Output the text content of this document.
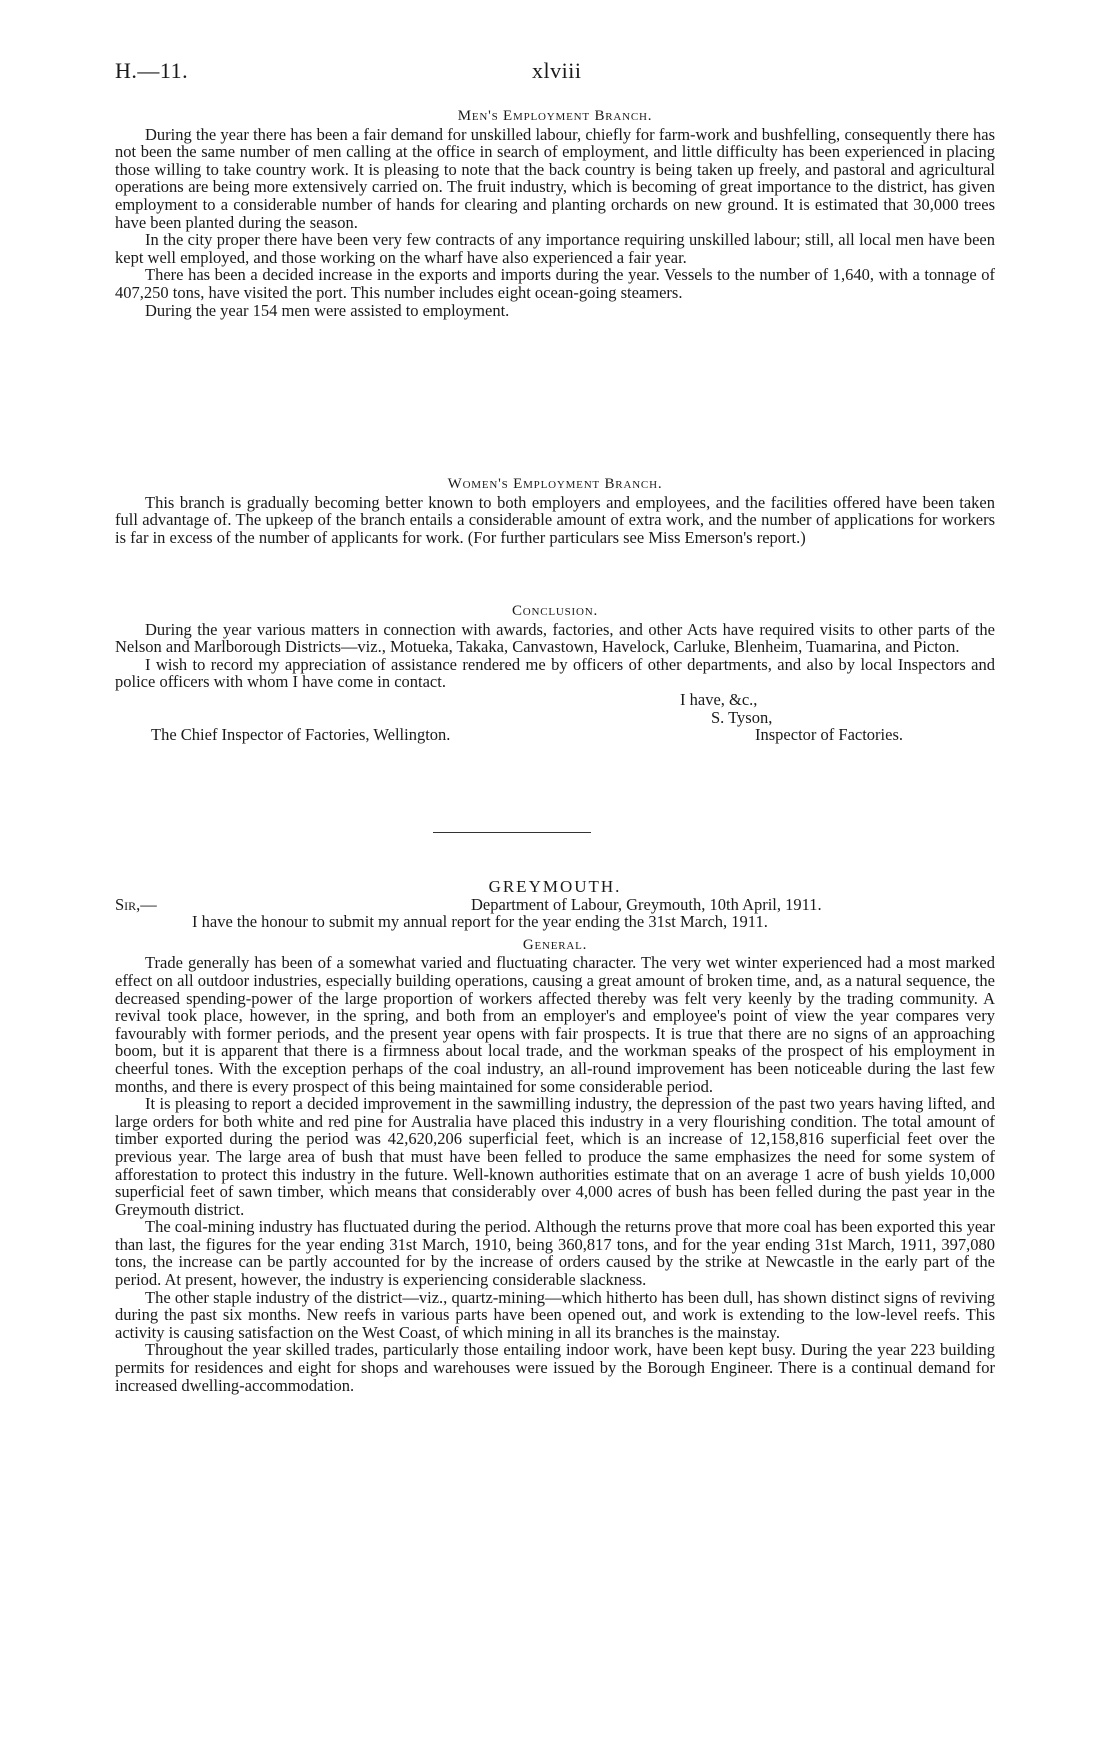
H.—11.	xlviii
Men's Employment Branch.

During the year there has been a fair demand for unskilled labour, chiefly for farm-work and bushfelling, consequently there has not been the same number of men calling at the office in search of employment, and little difficulty has been experienced in placing those willing to take country work. It is pleasing to note that the back country is being taken up freely, and pastoral and agricultural operations are being more extensively carried on. The fruit industry, which is becoming of great importance to the district, has given employment to a considerable number of hands for clearing and planting orchards on new ground. It is estimated that 30,000 trees have been planted during the season.

In the city proper there have been very few contracts of any importance requiring unskilled labour; still, all local men have been kept well employed, and those working on the wharf have also experienced a fair year.

There has been a decided increase in the exports and imports during the year. Vessels to the number of 1,640, with a tonnage of 407,250 tons, have visited the port. This number includes eight ocean-going steamers.

During the year 154 men were assisted to employment.

Women's Employment Branch.

This branch is gradually becoming better known to both employers and employees, and the facilities offered have been taken full advantage of. The upkeep of the branch entails a considerable amount of extra work, and the number of applications for workers is far in excess of the number of applicants for work. (For further particulars see Miss Emerson's report.)

Conclusion.

During the year various matters in connection with awards, factories, and other Acts have required visits to other parts of the Nelson and Marlborough Districts—viz., Motueka, Takaka, Canvastown, Havelock, Carluke, Blenheim, Tuamarina, and Picton.

I wish to record my appreciation of assistance rendered me by officers of other departments, and also by local Inspectors and police officers with whom I have come in contact.

I have, &c.,
S. Tyson,
The Chief Inspector of Factories, Wellington.	Inspector of Factories.
GREYMOUTH.
Sir,—	Department of Labour, Greymouth, 10th April, 1911.

I have the honour to submit my annual report for the year ending the 31st March, 1911.

General.

Trade generally has been of a somewhat varied and fluctuating character. The very wet winter experienced had a most marked effect on all outdoor industries, especially building operations, causing a great amount of broken time, and, as a natural sequence, the decreased spending-power of the large proportion of workers affected thereby was felt very keenly by the trading community. A revival took place, however, in the spring, and both from an employer's and employee's point of view the year compares very favourably with former periods, and the present year opens with fair prospects. It is true that there are no signs of an approaching boom, but it is apparent that there is a firmness about local trade, and the workman speaks of the prospect of his employment in cheerful tones. With the exception perhaps of the coal industry, an all-round improvement has been noticeable during the last few months, and there is every prospect of this being maintained for some considerable period.

It is pleasing to report a decided improvement in the sawmilling industry, the depression of the past two years having lifted, and large orders for both white and red pine for Australia have placed this industry in a very flourishing condition. The total amount of timber exported during the period was 42,620,206 superficial feet, which is an increase of 12,158,816 superficial feet over the previous year. The large area of bush that must have been felled to produce the same emphasizes the need for some system of afforestation to protect this industry in the future. Well-known authorities estimate that on an average 1 acre of bush yields 10,000 superficial feet of sawn timber, which means that considerably over 4,000 acres of bush has been felled during the past year in the Greymouth district.

The coal-mining industry has fluctuated during the period. Although the returns prove that more coal has been exported this year than last, the figures for the year ending 31st March, 1910, being 360,817 tons, and for the year ending 31st March, 1911, 397,080 tons, the increase can be partly accounted for by the increase of orders caused by the strike at Newcastle in the early part of the period. At present, however, the industry is experiencing considerable slackness.

The other staple industry of the district—viz., quartz-mining—which hitherto has been dull, has shown distinct signs of reviving during the past six months. New reefs in various parts have been opened out, and work is extending to the low-level reefs. This activity is causing satisfaction on the West Coast, of which mining in all its branches is the mainstay.

Throughout the year skilled trades, particularly those entailing indoor work, have been kept busy. During the year 223 building permits for residences and eight for shops and warehouses were issued by the Borough Engineer. There is a continual demand for increased dwelling-accommodation.
